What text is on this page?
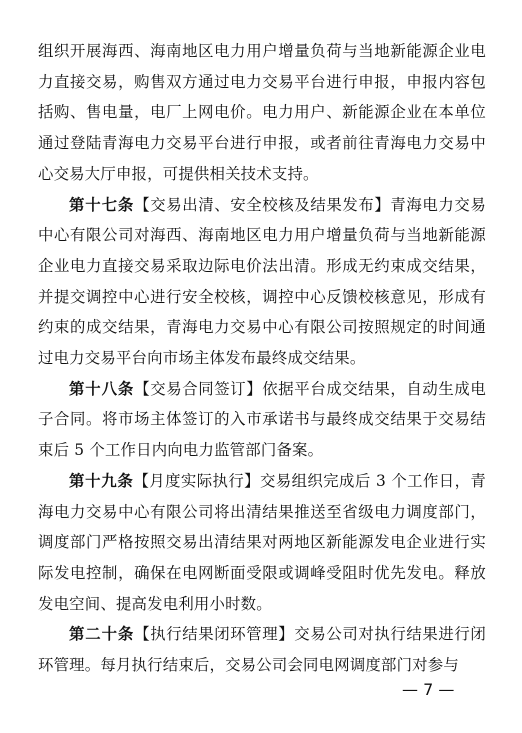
组织开展海西、海南地区电力用户增量负荷与当地新能源企业电力直接交易，购售双方通过电力交易平台进行申报，申报内容包括购、售电量，电厂上网电价。电力用户、新能源企业在本单位通过登陆青海电力交易平台进行申报，或者前往青海电力交易中心交易大厅申报，可提供相关技术支持。

第十七条【交易出清、安全校核及结果发布】青海电力交易中心有限公司对海西、海南地区电力用户增量负荷与当地新能源企业电力直接交易采取边际电价法出清。形成无约束成交结果，并提交调控中心进行安全校核，调控中心反馈校核意见，形成有约束的成交结果，青海电力交易中心有限公司按照规定的时间通过电力交易平台向市场主体发布最终成交结果。

第十八条【交易合同签订】依据平台成交结果，自动生成电子合同。将市场主体签订的入市承诺书与最终成交结果于交易结束后 5 个工作日内向电力监管部门备案。

第十九条【月度实际执行】交易组织完成后 3 个工作日，青海电力交易中心有限公司将出清结果推送至省级电力调度部门，调度部门严格按照交易出清结果对两地区新能源发电企业进行实际发电控制，确保在电网断面受限或调峰受阻时优先发电。释放发电空间、提高发电利用小时数。

第二十条【执行结果闭环管理】交易公司对执行结果进行闭环管理。每月执行结束后，交易公司会同电网调度部门对参与

— 7 —
